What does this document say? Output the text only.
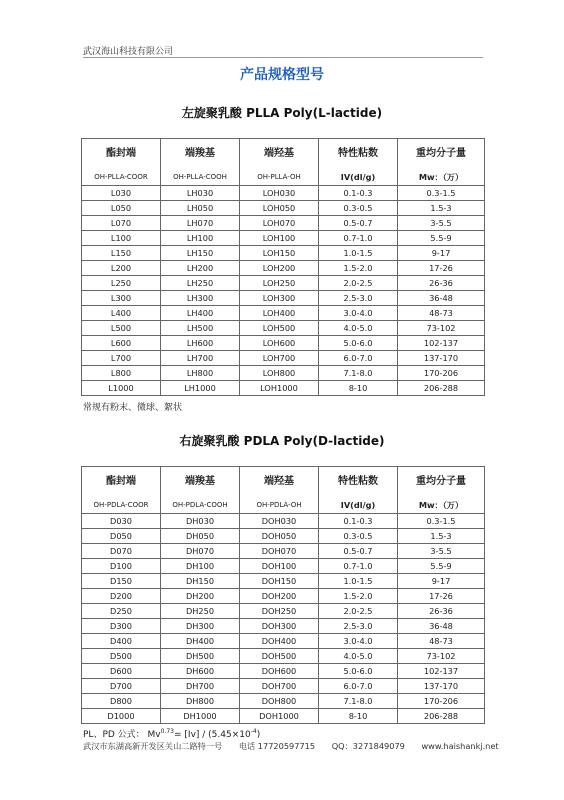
武汉海山科技有限公司
产品规格型号
左旋聚乳酸 PLLA Poly(L-lactide)
酯封端	端羧基	端羟基	特性粘数	重均分子量
OH-PLLA-COOR	OH-PLLA-COOH	OH-PLLA-OH	IV(dl/g)	Mw：（万）
L030	LH030	LOH030	0.1-0.3	0.3-1.5
L050	LH050	LOH050	0.3-0.5	1.5-3
L070	LH070	LOH070	0.5-0.7	3-5.5
L100	LH100	LOH100	0.7-1.0	5.5-9
L150	LH150	LOH150	1.0-1.5	9-17
L200	LH200	LOH200	1.5-2.0	17-26
L250	LH250	LOH250	2.0-2.5	26-36
L300	LH300	LOH300	2.5-3.0	36-48
L400	LH400	LOH400	3.0-4.0	48-73
L500	LH500	LOH500	4.0-5.0	73-102
L600	LH600	LOH600	5.0-6.0	102-137
L700	LH700	LOH700	6.0-7.0	137-170
L800	LH800	LOH800	7.1-8.0	170-206
L1000	LH1000	LOH1000	8-10	206-288
常规有粉末、微球、絮状
右旋聚乳酸 PDLA Poly(D-lactide)
酯封端	端羧基	端羟基	特性粘数	重均分子量
OH-PDLA-COOR	OH-PDLA-COOH	OH-PDLA-OH	IV(dl/g)	Mw：（万）
D030	DH030	DOH030	0.1-0.3	0.3-1.5
D050	DH050	DOH050	0.3-0.5	1.5-3
D070	DH070	DOH070	0.5-0.7	3-5.5
D100	DH100	DOH100	0.7-1.0	5.5-9
D150	DH150	DOH150	1.0-1.5	9-17
D200	DH200	DOH200	1.5-2.0	17-26
D250	DH250	DOH250	2.0-2.5	26-36
D300	DH300	DOH300	2.5-3.0	36-48
D400	DH400	DOH400	3.0-4.0	48-73
D500	DH500	DOH500	4.0-5.0	73-102
D600	DH600	DOH600	5.0-6.0	102-137
D700	DH700	DOH700	6.0-7.0	137-170
D800	DH800	DOH800	7.1-8.0	170-206
D1000	DH1000	DOH1000	8-10	206-288
PL、PD 公式： $Mv^{0.73}= [Iv] / (5.45\times 10^{-4})$
武汉市东湖高新开发区关山二路特一号 电话 17720597715 QQ：3271849079 www.haishankj.net
